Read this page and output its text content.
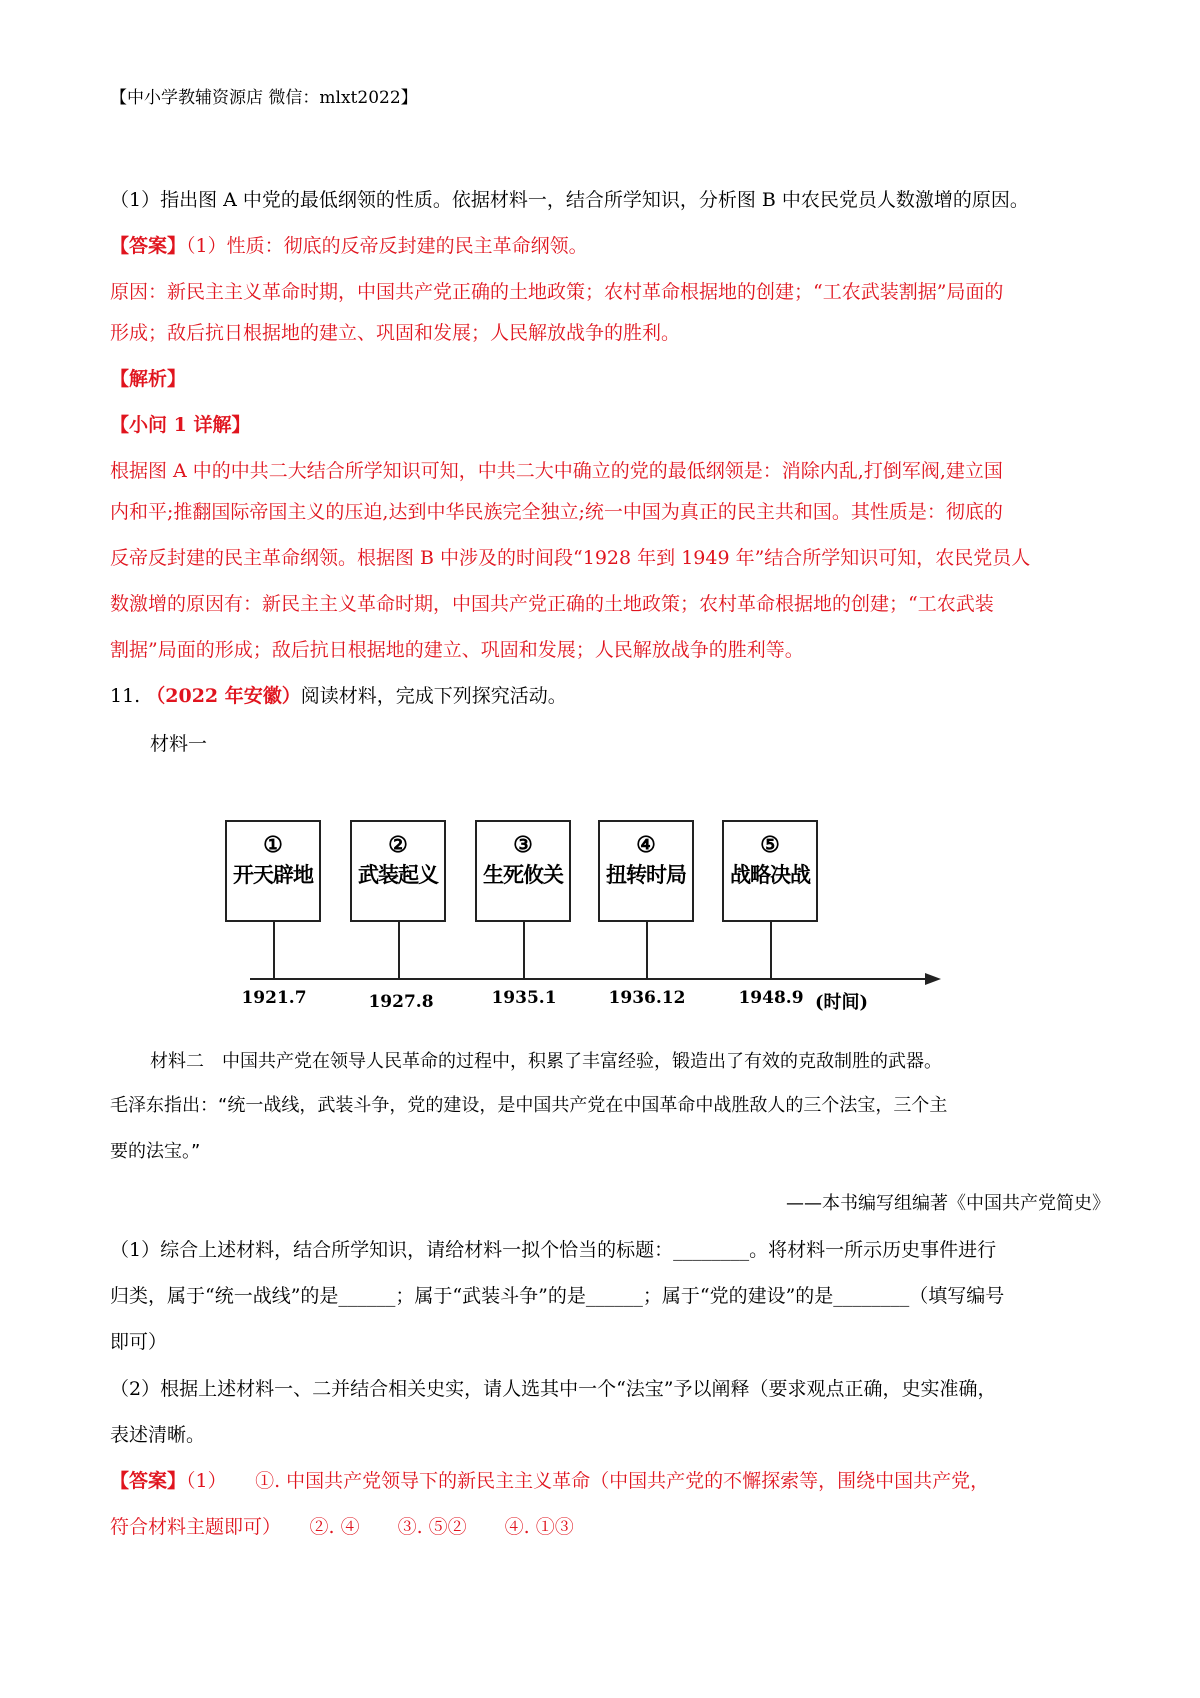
【中小学教辅资源店 微信：mlxt2022】
（1）指出图 A 中党的最低纲领的性质。依据材料一，结合所学知识，分析图 B 中农民党员人数激增的原因。
【答案】（1）性质：彻底的反帝反封建的民主革命纲领。
原因：新民主主义革命时期，中国共产党正确的土地政策；农村革命根据地的创建；“工农武装割据”局面的
形成；敌后抗日根据地的建立、巩固和发展；人民解放战争的胜利。
【解析】
【小问 1 详解】
根据图 A 中的中共二大结合所学知识可知，中共二大中确立的党的最低纲领是：消除内乱,打倒军阀,建立国
内和平;推翻国际帝国主义的压迫,达到中华民族完全独立;统一中国为真正的民主共和国。其性质是：彻底的
反帝反封建的民主革命纲领。根据图 B 中涉及的时间段“1928 年到 1949 年”结合所学知识可知，农民党员人
数激增的原因有：新民主主义革命时期，中国共产党正确的土地政策；农村革命根据地的创建；“工农武装
割据”局面的形成；敌后抗日根据地的建立、巩固和发展；人民解放战争的胜利等。
11. （2022 年安徽）阅读材料，完成下列探究活动。
材料一
①
开天辟地
②
武装起义
③
生死攸关
④
扭转时局
⑤
战略决战
1921.7	1927.8	1935.1	1936.12	1948.9 (时间)
材料二　中国共产党在领导人民革命的过程中，积累了丰富经验，锻造出了有效的克敌制胜的武器。
毛泽东指出：“统一战线，武装斗争，党的建设，是中国共产党在中国革命中战胜敌人的三个法宝，三个主
要的法宝。”
——本书编写组编著《中国共产党简史》
（1）综合上述材料，结合所学知识，请给材料一拟个恰当的标题：________。将材料一所示历史事件进行
归类，属于“统一战线”的是______；属于“武装斗争”的是______；属于“党的建设”的是________（填写编号
即可）
（2）根据上述材料一、二并结合相关史实，请人选其中一个“法宝”予以阐释（要求观点正确，史实准确，
表述清晰。
【答案】（1）　　①. 中国共产党领导下的新民主主义革命（中国共产党的不懈探索等，围绕中国共产党，
符合材料主题即可）　　②. ④　　③. ⑤②　　④. ①③
